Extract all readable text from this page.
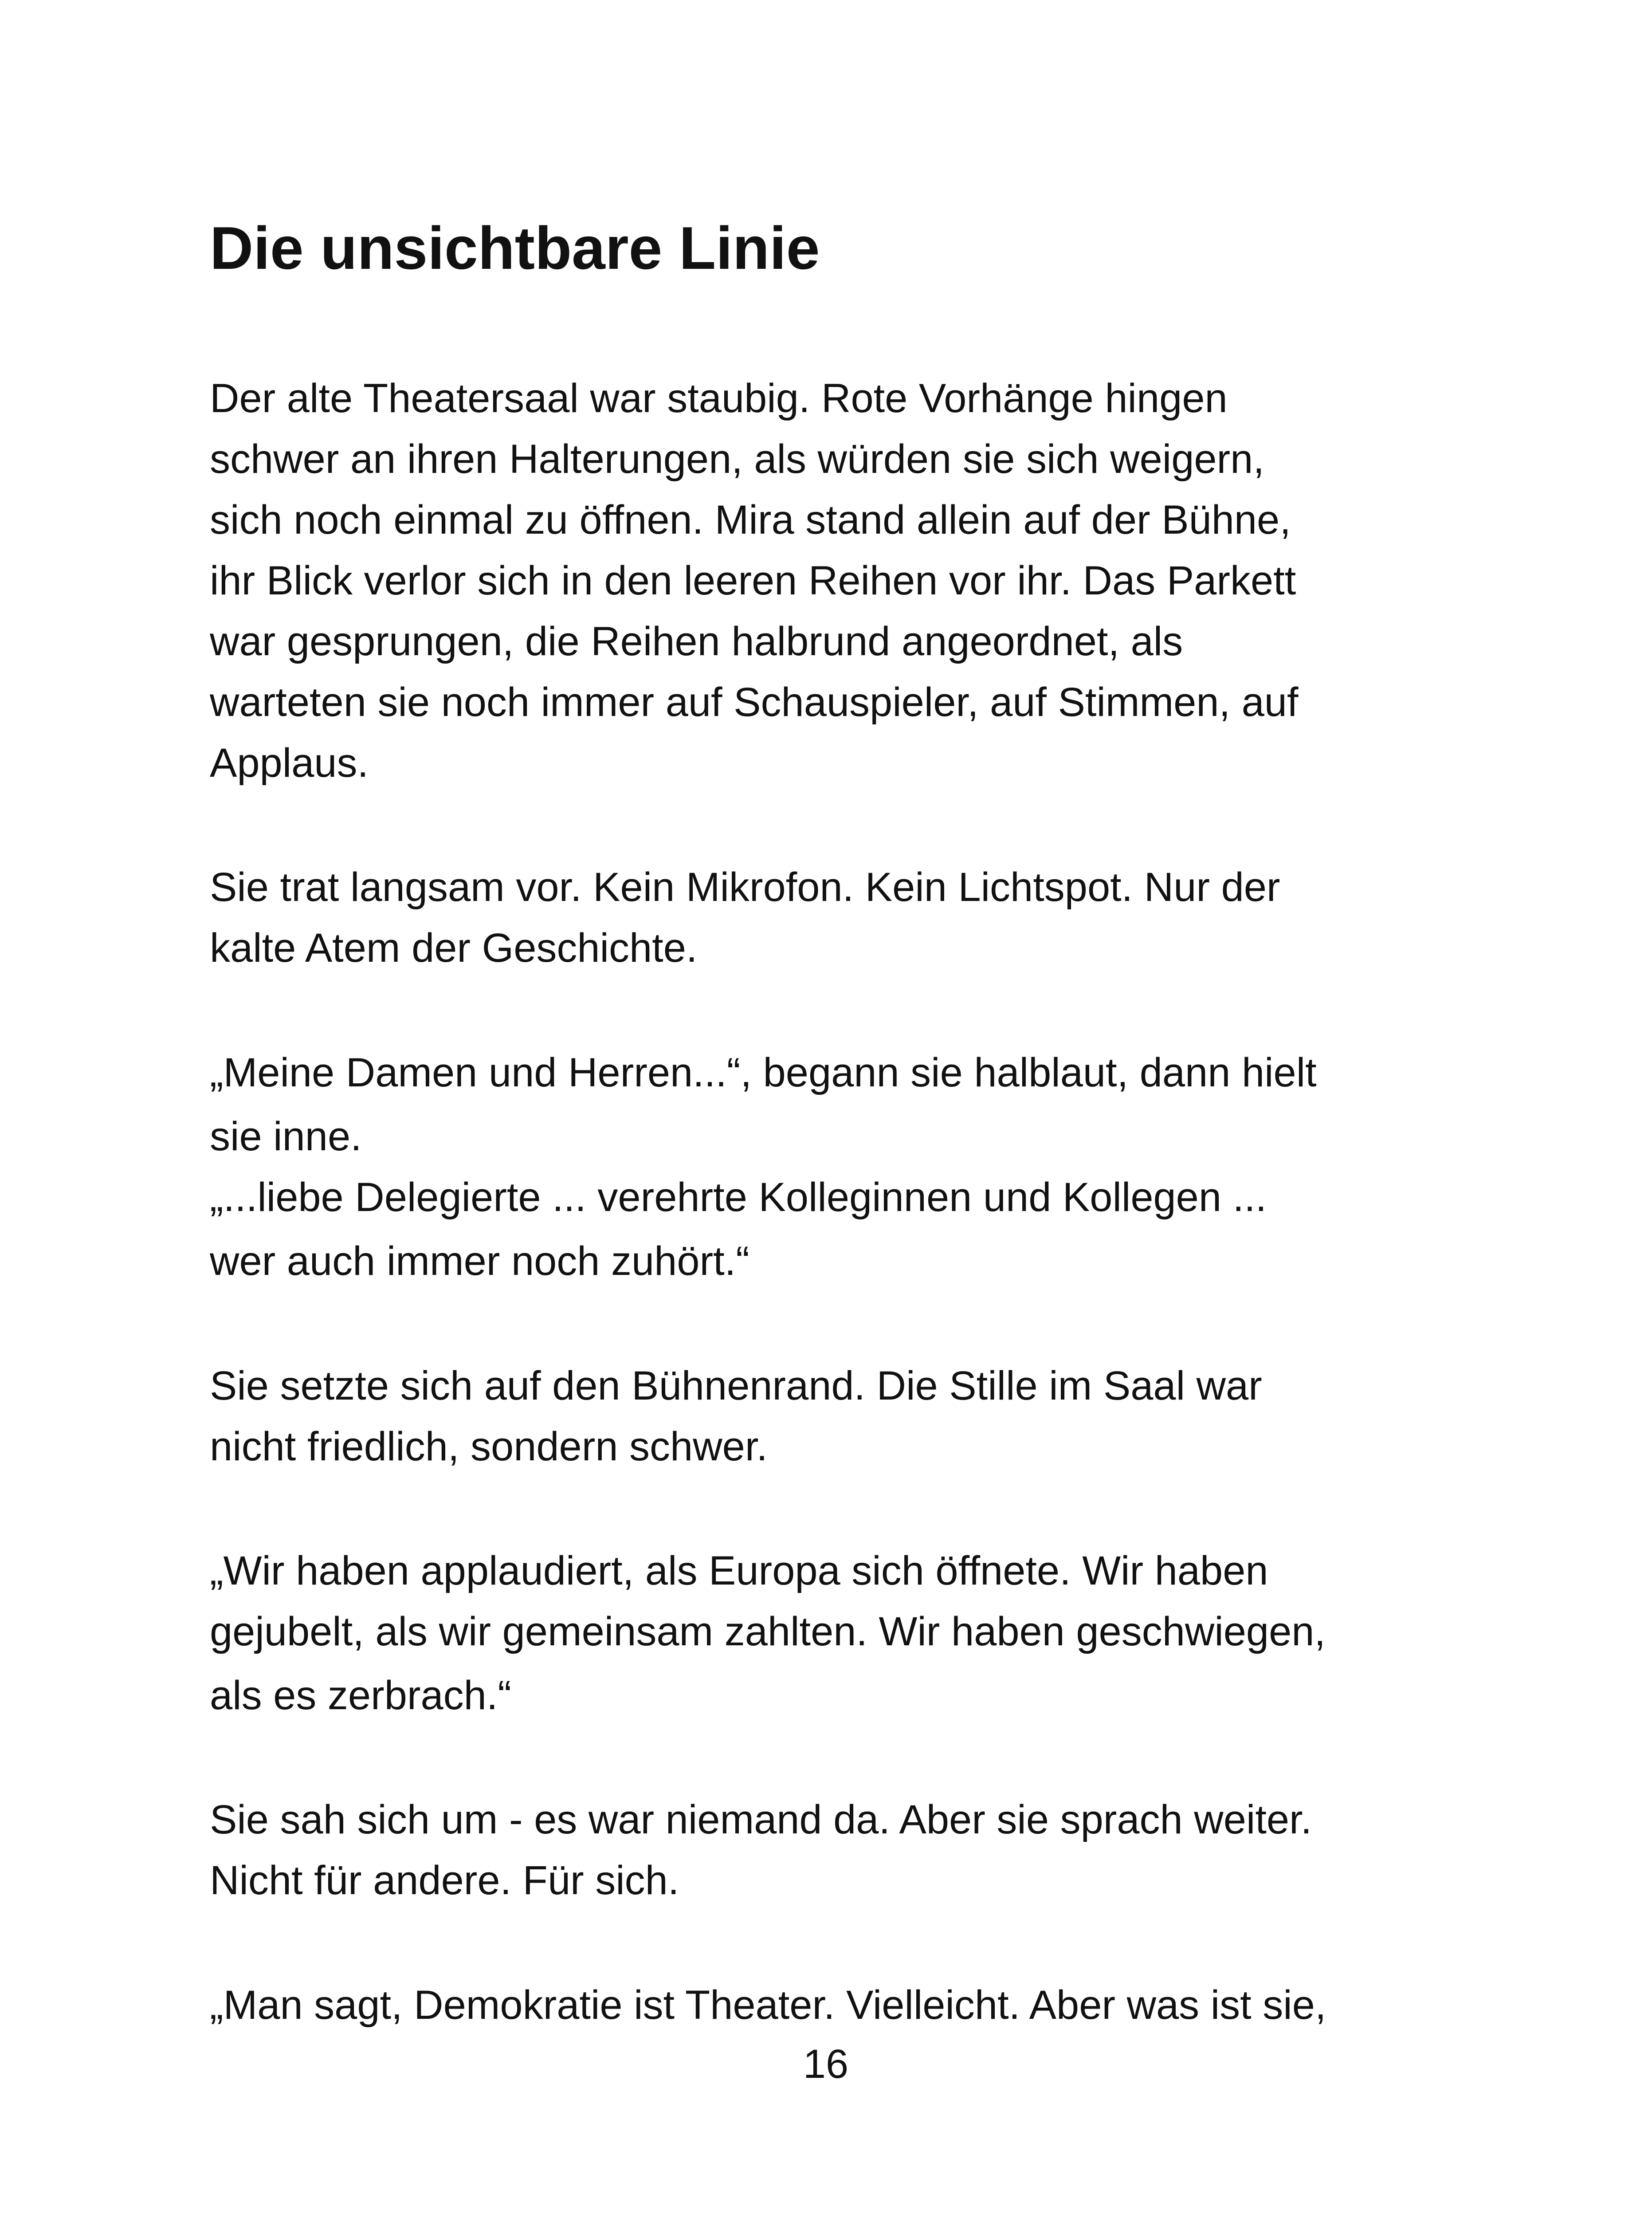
Die unsichtbare Linie
Der alte Theatersaal war staubig. Rote Vorhänge hingen
schwer an ihren Halterungen, als würden sie sich weigern,
sich noch einmal zu öffnen. Mira stand allein auf der Bühne,
ihr Blick verlor sich in den leeren Reihen vor ihr. Das Parkett
war gesprungen, die Reihen halbrund angeordnet, als
warteten sie noch immer auf Schauspieler, auf Stimmen, auf
Applaus.
Sie trat langsam vor. Kein Mikrofon. Kein Lichtspot. Nur der
kalte Atem der Geschichte.
„Meine Damen und Herren...“, begann sie halblaut, dann hielt
sie inne.
„...liebe Delegierte ... verehrte Kolleginnen und Kollegen ...
wer auch immer noch zuhört.“
Sie setzte sich auf den Bühnenrand. Die Stille im Saal war
nicht friedlich, sondern schwer.
„Wir haben applaudiert, als Europa sich öffnete. Wir haben
gejubelt, als wir gemeinsam zahlten. Wir haben geschwiegen,
als es zerbrach.“
Sie sah sich um - es war niemand da. Aber sie sprach weiter.
Nicht für andere. Für sich.
„Man sagt, Demokratie ist Theater. Vielleicht. Aber was ist sie,
16
